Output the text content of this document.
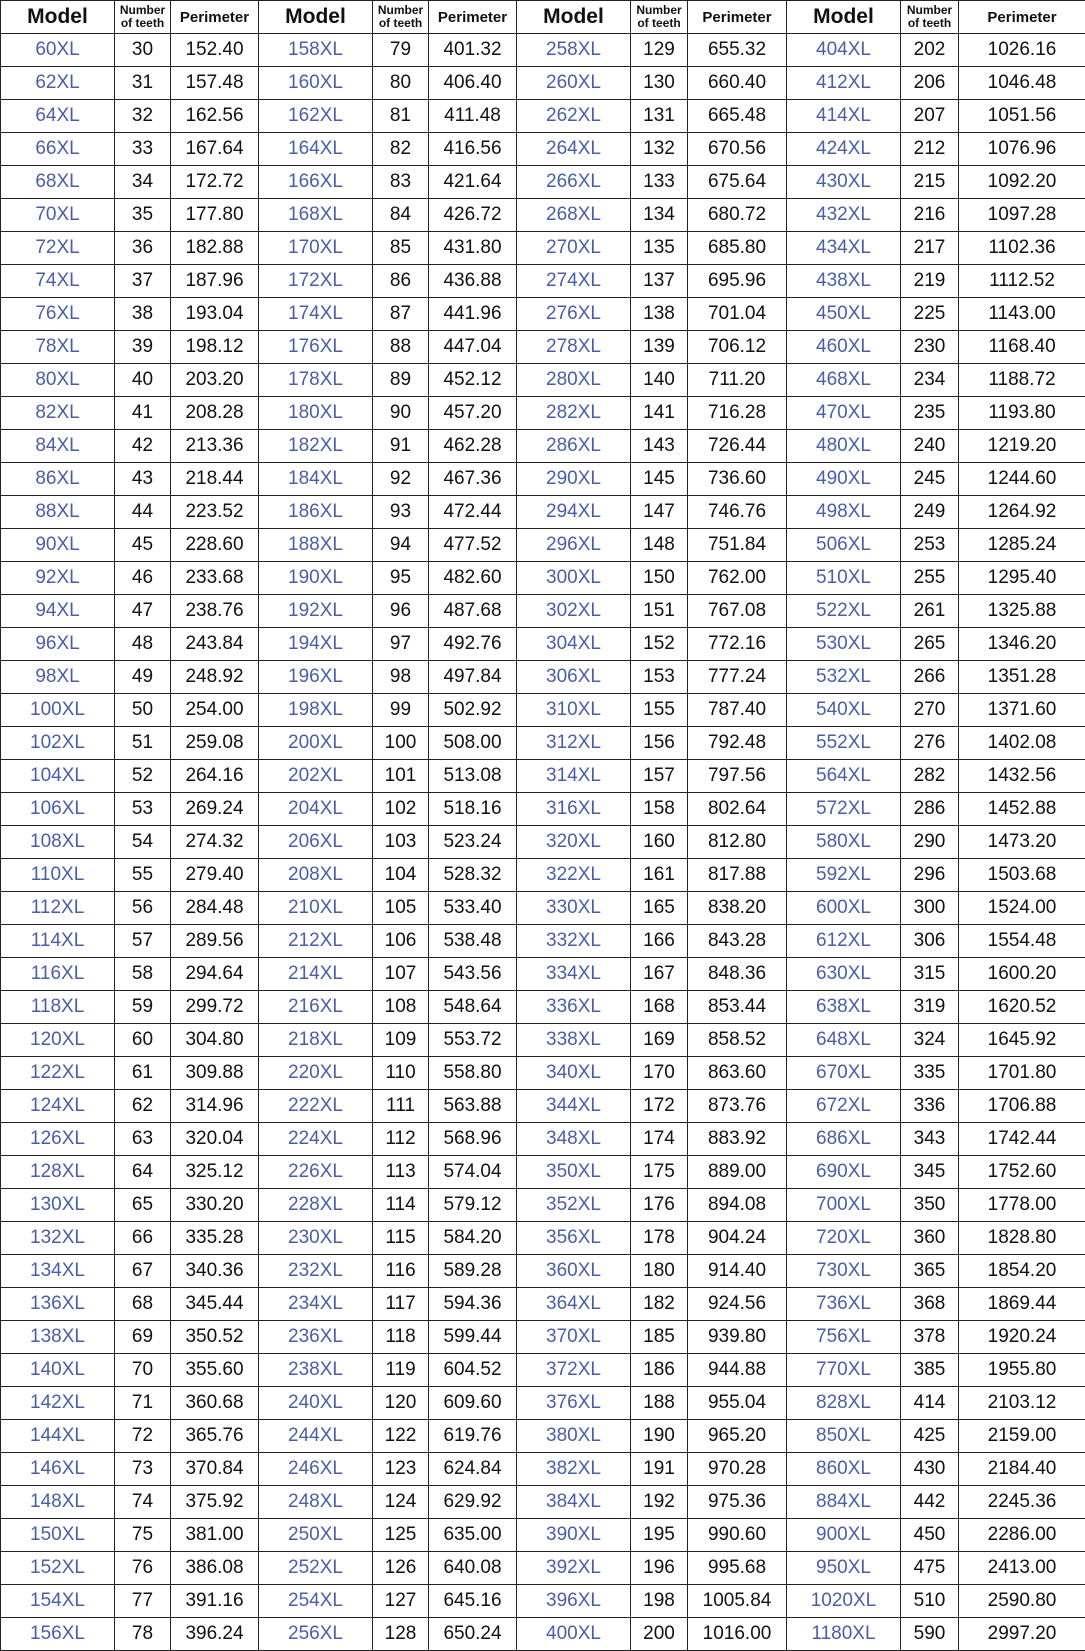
Model	Number
of teeth	Perimeter	Model	Number
of teeth	Perimeter	Model	Number
of teeth	Perimeter	Model	Number
of teeth	Perimeter
60XL	30	152.40	158XL	79	401.32	258XL	129	655.32	404XL	202	1026.16
62XL	31	157.48	160XL	80	406.40	260XL	130	660.40	412XL	206	1046.48
64XL	32	162.56	162XL	81	411.48	262XL	131	665.48	414XL	207	1051.56
66XL	33	167.64	164XL	82	416.56	264XL	132	670.56	424XL	212	1076.96
68XL	34	172.72	166XL	83	421.64	266XL	133	675.64	430XL	215	1092.20
70XL	35	177.80	168XL	84	426.72	268XL	134	680.72	432XL	216	1097.28
72XL	36	182.88	170XL	85	431.80	270XL	135	685.80	434XL	217	1102.36
74XL	37	187.96	172XL	86	436.88	274XL	137	695.96	438XL	219	1112.52
76XL	38	193.04	174XL	87	441.96	276XL	138	701.04	450XL	225	1143.00
78XL	39	198.12	176XL	88	447.04	278XL	139	706.12	460XL	230	1168.40
80XL	40	203.20	178XL	89	452.12	280XL	140	711.20	468XL	234	1188.72
82XL	41	208.28	180XL	90	457.20	282XL	141	716.28	470XL	235	1193.80
84XL	42	213.36	182XL	91	462.28	286XL	143	726.44	480XL	240	1219.20
86XL	43	218.44	184XL	92	467.36	290XL	145	736.60	490XL	245	1244.60
88XL	44	223.52	186XL	93	472.44	294XL	147	746.76	498XL	249	1264.92
90XL	45	228.60	188XL	94	477.52	296XL	148	751.84	506XL	253	1285.24
92XL	46	233.68	190XL	95	482.60	300XL	150	762.00	510XL	255	1295.40
94XL	47	238.76	192XL	96	487.68	302XL	151	767.08	522XL	261	1325.88
96XL	48	243.84	194XL	97	492.76	304XL	152	772.16	530XL	265	1346.20
98XL	49	248.92	196XL	98	497.84	306XL	153	777.24	532XL	266	1351.28
100XL	50	254.00	198XL	99	502.92	310XL	155	787.40	540XL	270	1371.60
102XL	51	259.08	200XL	100	508.00	312XL	156	792.48	552XL	276	1402.08
104XL	52	264.16	202XL	101	513.08	314XL	157	797.56	564XL	282	1432.56
106XL	53	269.24	204XL	102	518.16	316XL	158	802.64	572XL	286	1452.88
108XL	54	274.32	206XL	103	523.24	320XL	160	812.80	580XL	290	1473.20
110XL	55	279.40	208XL	104	528.32	322XL	161	817.88	592XL	296	1503.68
112XL	56	284.48	210XL	105	533.40	330XL	165	838.20	600XL	300	1524.00
114XL	57	289.56	212XL	106	538.48	332XL	166	843.28	612XL	306	1554.48
116XL	58	294.64	214XL	107	543.56	334XL	167	848.36	630XL	315	1600.20
118XL	59	299.72	216XL	108	548.64	336XL	168	853.44	638XL	319	1620.52
120XL	60	304.80	218XL	109	553.72	338XL	169	858.52	648XL	324	1645.92
122XL	61	309.88	220XL	110	558.80	340XL	170	863.60	670XL	335	1701.80
124XL	62	314.96	222XL	111	563.88	344XL	172	873.76	672XL	336	1706.88
126XL	63	320.04	224XL	112	568.96	348XL	174	883.92	686XL	343	1742.44
128XL	64	325.12	226XL	113	574.04	350XL	175	889.00	690XL	345	1752.60
130XL	65	330.20	228XL	114	579.12	352XL	176	894.08	700XL	350	1778.00
132XL	66	335.28	230XL	115	584.20	356XL	178	904.24	720XL	360	1828.80
134XL	67	340.36	232XL	116	589.28	360XL	180	914.40	730XL	365	1854.20
136XL	68	345.44	234XL	117	594.36	364XL	182	924.56	736XL	368	1869.44
138XL	69	350.52	236XL	118	599.44	370XL	185	939.80	756XL	378	1920.24
140XL	70	355.60	238XL	119	604.52	372XL	186	944.88	770XL	385	1955.80
142XL	71	360.68	240XL	120	609.60	376XL	188	955.04	828XL	414	2103.12
144XL	72	365.76	244XL	122	619.76	380XL	190	965.20	850XL	425	2159.00
146XL	73	370.84	246XL	123	624.84	382XL	191	970.28	860XL	430	2184.40
148XL	74	375.92	248XL	124	629.92	384XL	192	975.36	884XL	442	2245.36
150XL	75	381.00	250XL	125	635.00	390XL	195	990.60	900XL	450	2286.00
152XL	76	386.08	252XL	126	640.08	392XL	196	995.68	950XL	475	2413.00
154XL	77	391.16	254XL	127	645.16	396XL	198	1005.84	1020XL	510	2590.80
156XL	78	396.24	256XL	128	650.24	400XL	200	1016.00	1180XL	590	2997.20
